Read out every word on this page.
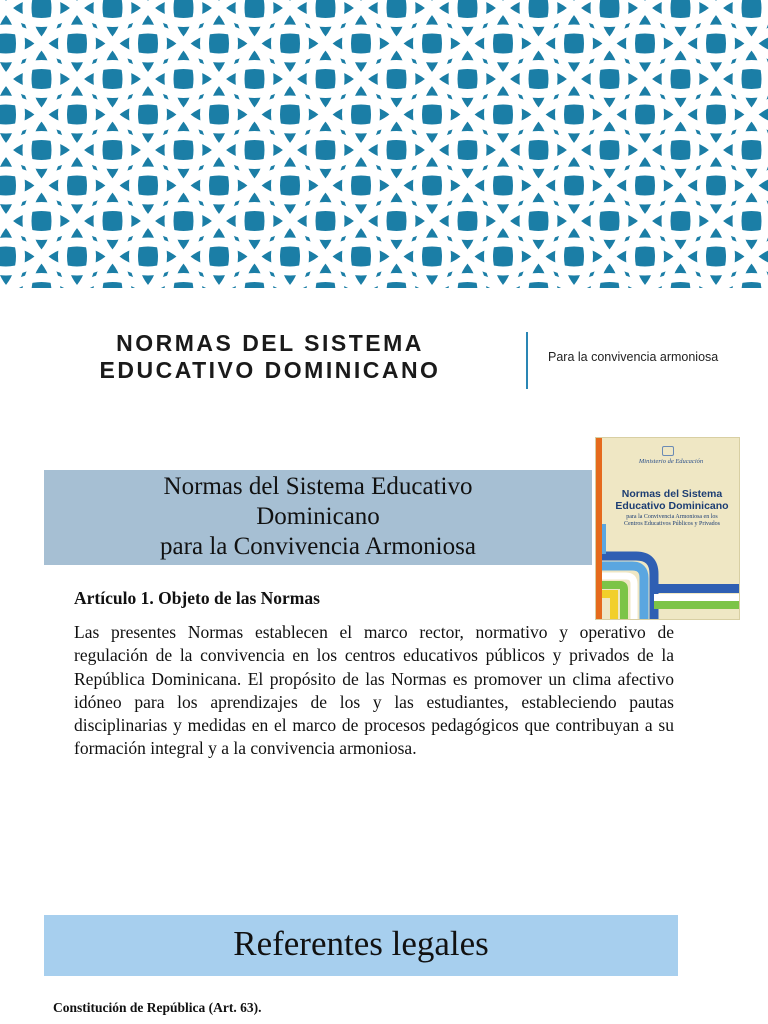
NORMAS DEL SISTEMA
EDUCATIVO DOMINICANO	Para la convivencia armoniosa
Normas del Sistema Educativo
Dominicano
para la Convivencia Armoniosa
Ministerio de Educación
Normas del Sistema
Educativo Dominicano
para la Convivencia Armoniosa en los
Centros Educativos Públicos y Privados
Artículo 1. Objeto de las Normas
Las presentes Normas establecen el marco rector, normativo y operativo de regulación de la convivencia en los centros educativos públicos y privados de la República Dominicana. El propósito de las Normas es promover un clima afectivo idóneo para los aprendizajes de los y las estudiantes, estableciendo pautas disciplinarias y medidas en el marco de procesos pedagógicos que contribuyan a su formación integral y a la convivencia armoniosa.
Referentes legales
Constitución de República (Art. 63).
